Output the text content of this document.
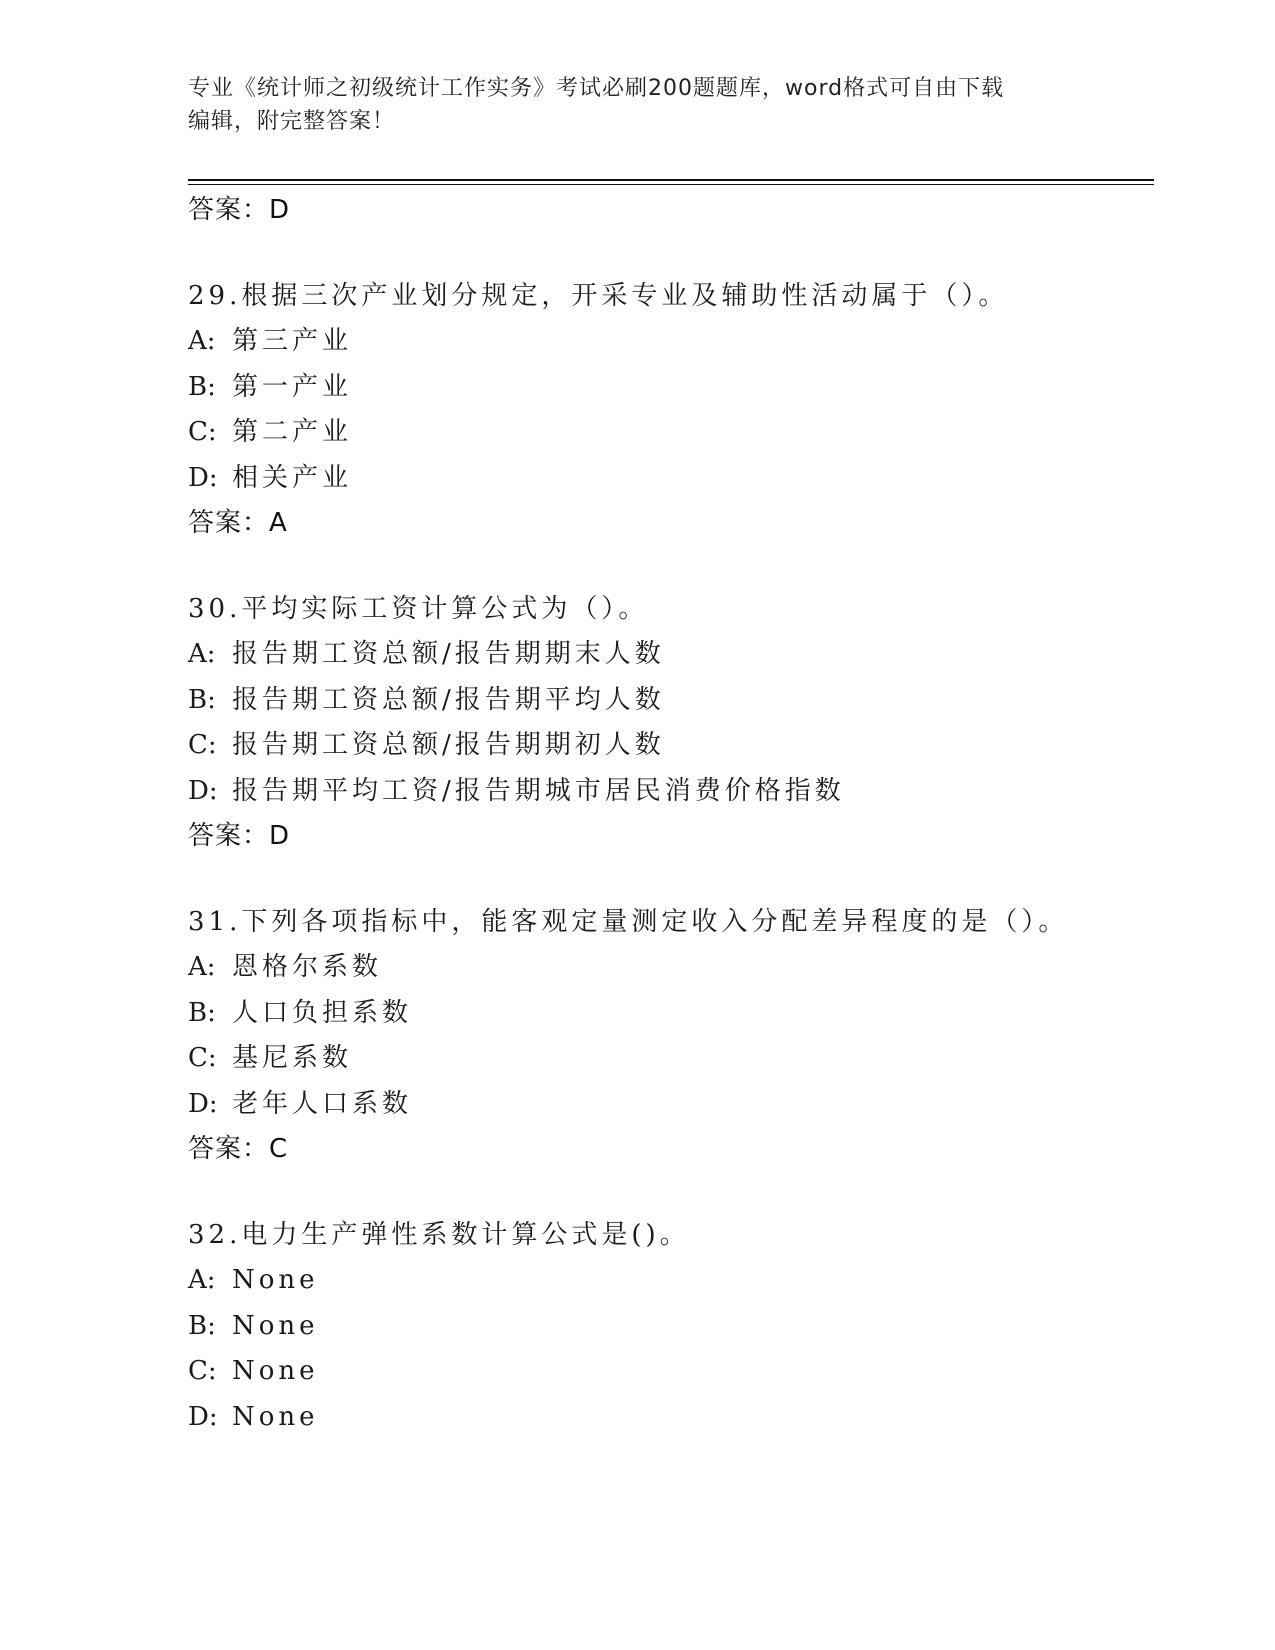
专业《统计师之初级统计工作实务》考试必刷200题题库，word格式可自由下载
编辑，附完整答案！
答案：D
29.根据三次产业划分规定，开采专业及辅助性活动属于（）。
A: 第三产业
B: 第一产业
C: 第二产业
D: 相关产业
答案：A
30.平均实际工资计算公式为（）。
A: 报告期工资总额/报告期期末人数
B: 报告期工资总额/报告期平均人数
C: 报告期工资总额/报告期期初人数
D: 报告期平均工资/报告期城市居民消费价格指数
答案：D
31.下列各项指标中，能客观定量测定收入分配差异程度的是（）。
A: 恩格尔系数
B: 人口负担系数
C: 基尼系数
D: 老年人口系数
答案：C
32.电力生产弹性系数计算公式是()。
A: None
B: None
C: None
D: None
